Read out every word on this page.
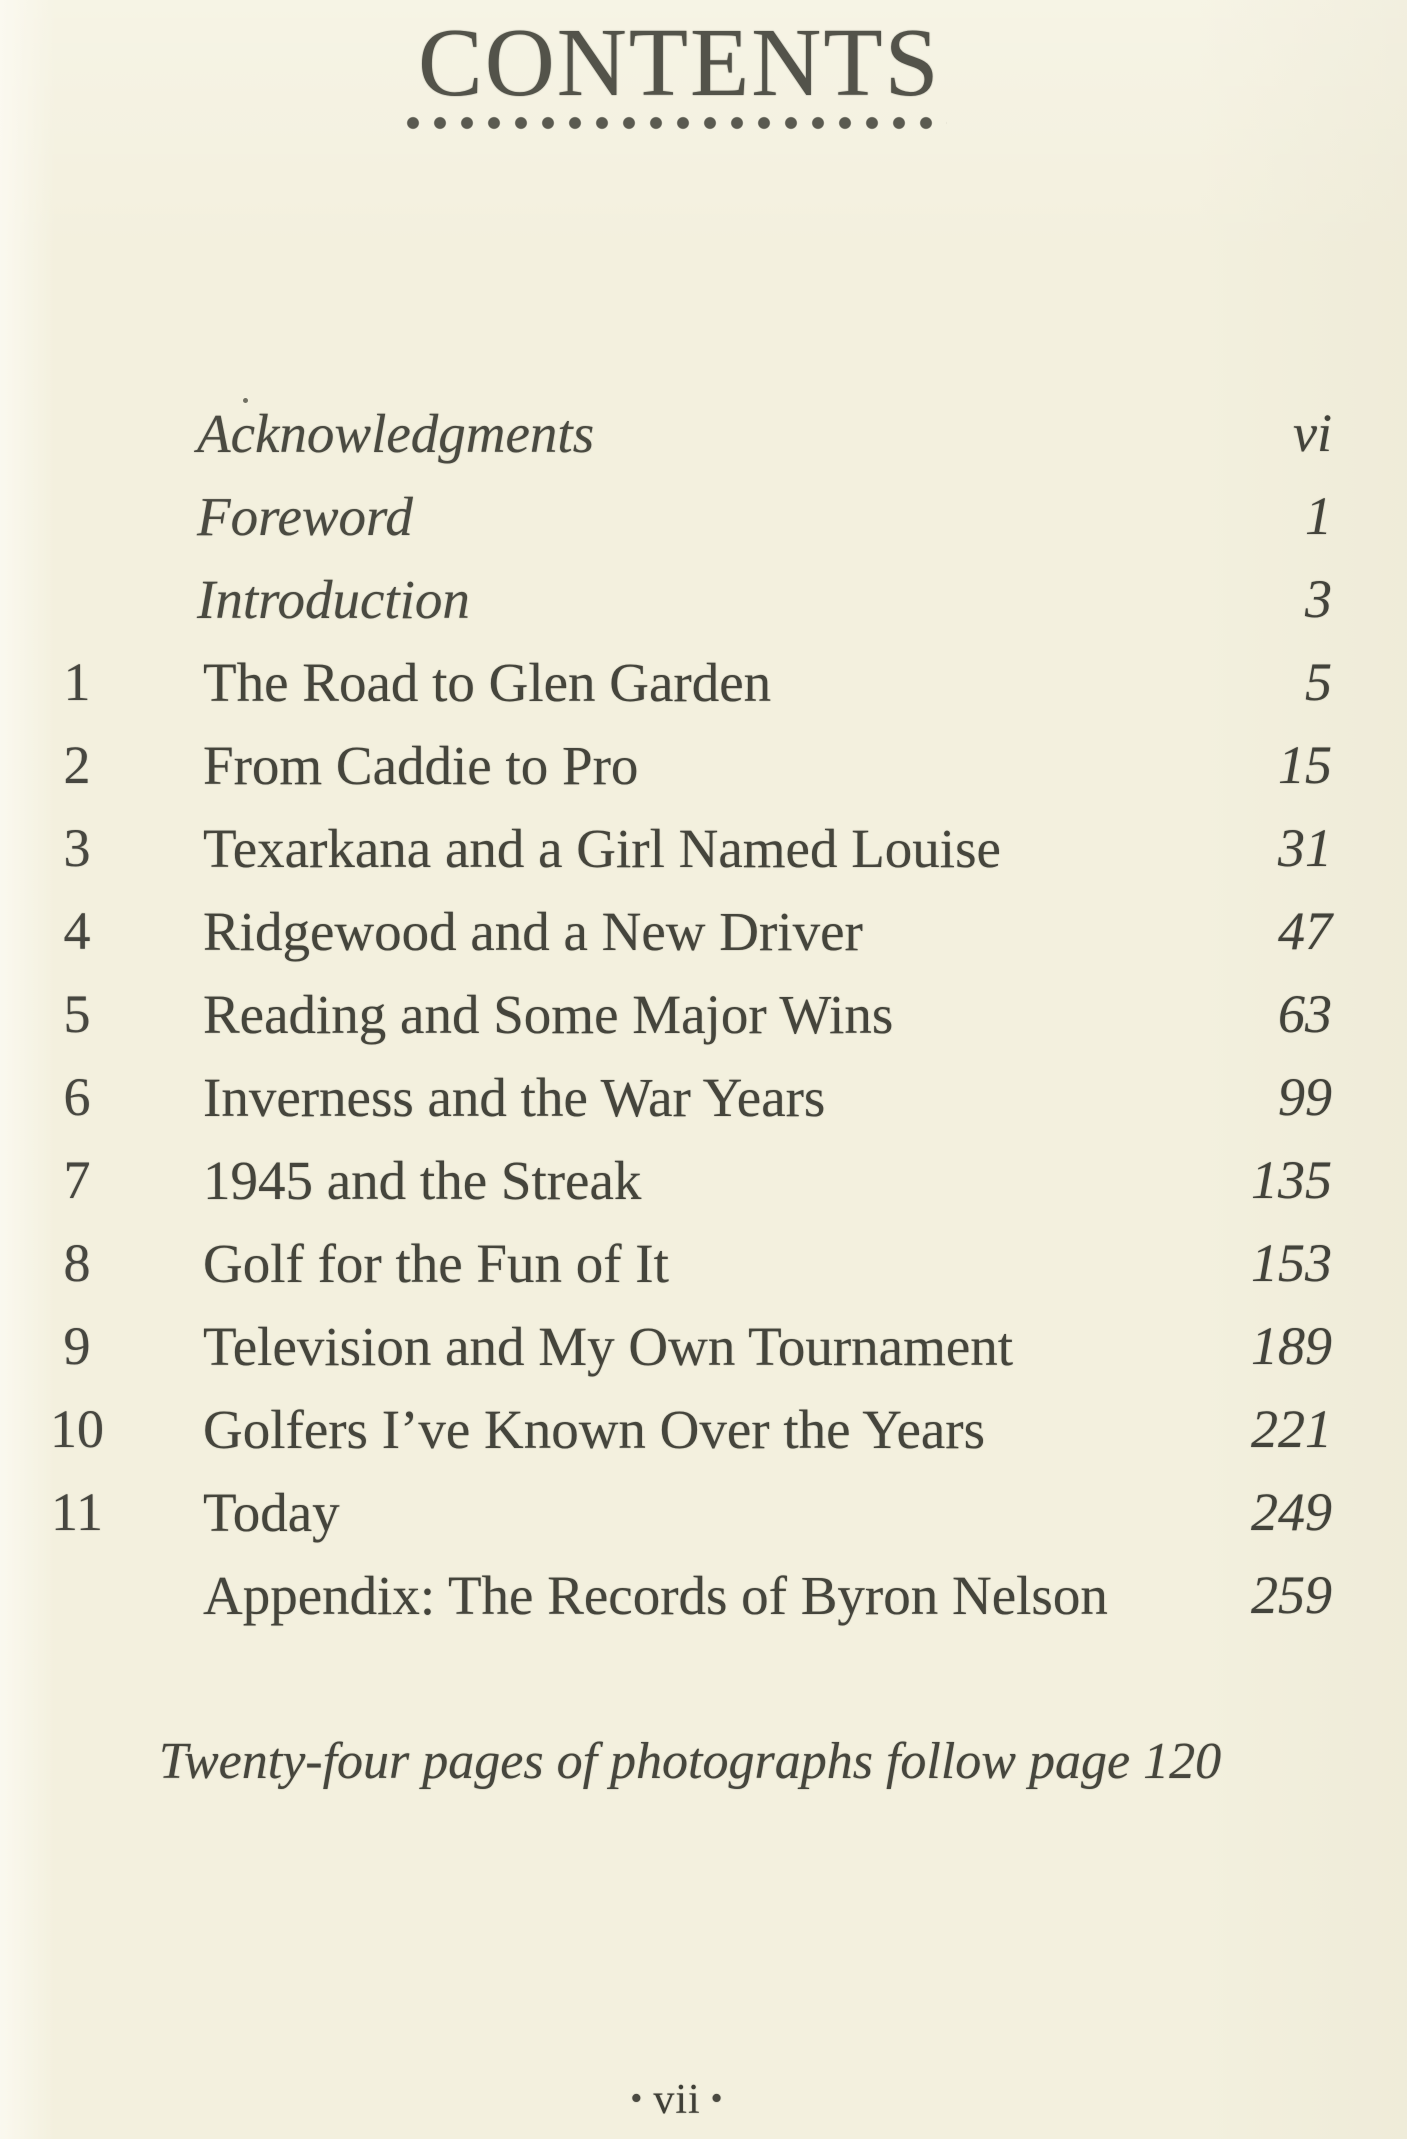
CONTENTS
Acknowledgments	vi
Foreword	1
Introduction	3
1	The Road to Glen Garden	5
2	From Caddie to Pro	15
3	Texarkana and a Girl Named Louise	31
4	Ridgewood and a New Driver	47
5	Reading and Some Major Wins	63
6	Inverness and the War Years	99
7	1945 and the Streak	135
8	Golf for the Fun of It	153
9	Television and My Own Tournament	189
10 Golfers I’ve Known Over the Years	221
11 Today	249
Appendix: The Records of Byron Nelson	259
Twenty-four pages of photographs follow page 120
• vii •
